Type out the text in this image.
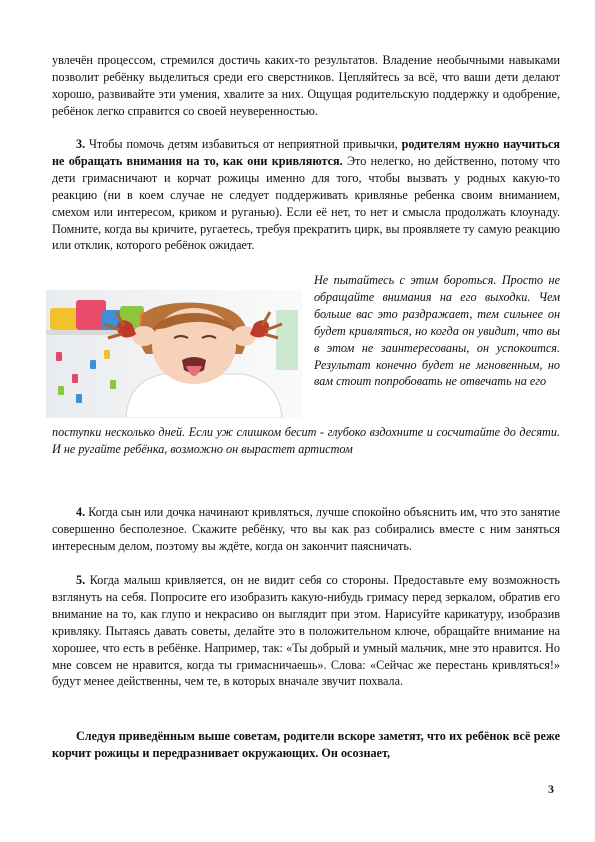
увлечён процессом, стремился достичь каких-то результатов. Владение необычными навыками позволит ребёнку выделиться среди его сверстников. Цепляйтесь за всё, что ваши дети делают хорошо, развивайте эти умения, хвалите за них. Ощущая родительскую поддержку и одобрение, ребёнок легко справится со своей неуверенностью.

3. Чтобы помочь детям избавиться от неприятной привычки, родителям нужно научиться не обращать внимания на то, как они кривляются. Это нелегко, но действенно, потому что дети гримасничают и корчат рожицы именно для того, чтобы вызвать у родных какую-то реакцию (ни в коем случае не следует поддерживать кривлянье ребенка своим вниманием, смехом или интересом, криком и руганью). Если её нет, то нет и смысла продолжать клоунаду. Помните, когда вы кричите, ругаетесь, требуя прекратить цирк, вы проявляете ту самую реакцию или отклик, которого ребёнок ожидает.

Не пытайтесь с этим бороться. Просто не обращайте внимания на его выходки. Чем больше вас это раздражает, тем сильнее он будет кривляться, но когда он увидит, что вы в этом не заинтересованы, он успокоится. Результат конечно будет не мгновенным, но вам стоит попробовать не отвечать на его

поступки несколько дней. Если уж слишком бесит - глубоко вздохните и сосчитайте до десяти. И не ругайте ребёнка, возможно он вырастет артистом

4. Когда сын или дочка начинают кривляться, лучше спокойно объяснить им, что это занятие совершенно бесполезное. Скажите ребёнку, что вы как раз собирались вместе с ним заняться интересным делом, поэтому вы ждёте, когда он закончит паясничать.

5. Когда малыш кривляется, он не видит себя со стороны. Предоставьте ему возможность взглянуть на себя. Попросите его изобразить какую-нибудь гримасу перед зеркалом, обратив его внимание на то, как глупо и некрасиво он выглядит при этом. Нарисуйте карикатуру, изобразив кривляку. Пытаясь давать советы, делайте это в положительном ключе, обращайте внимание на хорошее, что есть в ребёнке. Например, так: «Ты добрый и умный мальчик, мне это нравится. Но мне совсем не нравится, когда ты гримасничаешь». Слова: «Сейчас же перестань кривляться!» будут менее действенны, чем те, в которых вначале звучит похвала.

Следуя приведённым выше советам, родители вскоре заметят, что их ребёнок всё реже корчит рожицы и передразнивает окружающих. Он осознает,

3
